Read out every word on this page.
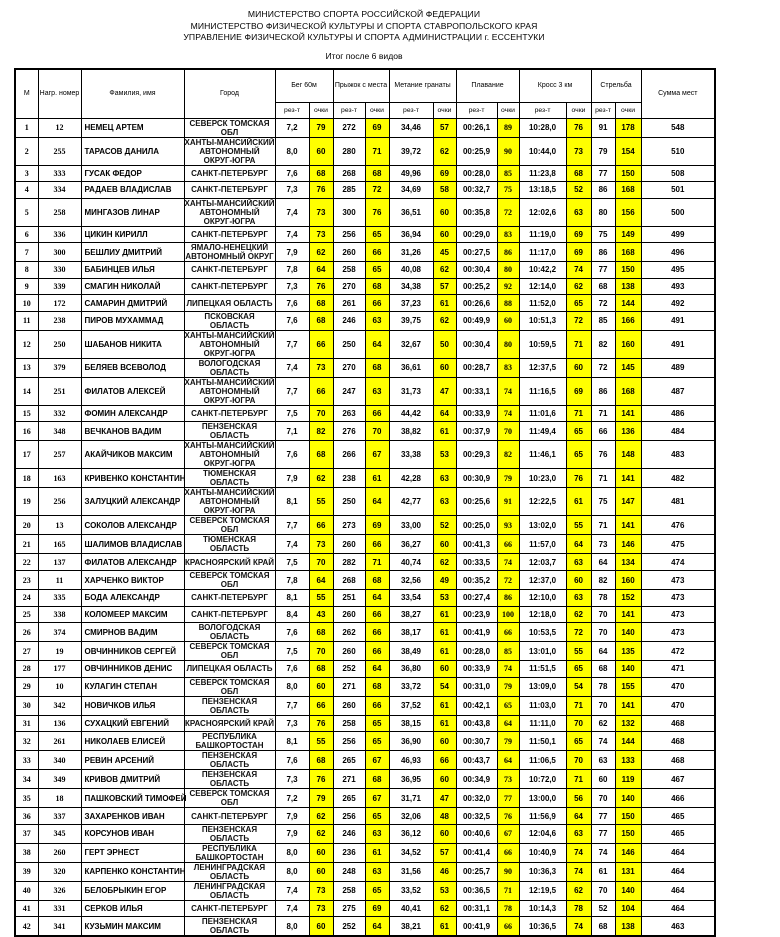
МИНИСТЕРСТВО СПОРТА РОССИЙСКОЙ ФЕДЕРАЦИИ
МИНИСТЕРСТВО ФИЗИЧЕСКОЙ КУЛЬТУРЫ И СПОРТА СТАВРОПОЛЬСКОГО КРАЯ
УПРАВЛЕНИЕ ФИЗИЧЕСКОЙ КУЛЬТУРЫ И СПОРТА АДМИНИСТРАЦИИ г. ЕССЕНТУКИ
Итог после 6 видов
М	Нагр. номер	Фамилия, имя	Город	Бег 60м		Прыжок с места		Метание гранаты		Плавание		Кросс 3 км		Стрельба		Сумма мест
				рез-т	очки	рез-т	очки	рез-т	очки	рез-т	очки	рез-т	очки	рез-т	очки	
1	12	НЕМЕЦ АРТЕМ	СЕВЕРСК ТОМСКАЯ ОБЛ	7,2	79	272	69	34,46	57	00:26,1	89	10:28,0	76	91	178	548
2	255	ТАРАСОВ ДАНИЛА	ХАНТЫ-МАНСИЙСКИЙ АВТОНОМНЫЙ ОКРУГ-ЮГРА	8,0	60	280	71	39,72	62	00:25,9	90	10:44,0	73	79	154	510
3	333	ГУСАК ФЕДОР	САНКТ-ПЕТЕРБУРГ	7,6	68	268	68	49,96	69	00:28,0	85	11:23,8	68	77	150	508
4	334	РАДАЕВ ВЛАДИСЛАВ	САНКТ-ПЕТЕРБУРГ	7,3	76	285	72	34,69	58	00:32,7	75	13:18,5	52	86	168	501
5	258	МИНГАЗОВ ЛИНАР	ХАНТЫ-МАНСИЙСКИЙ АВТОНОМНЫЙ ОКРУГ-ЮГРА	7,4	73	300	76	36,51	60	00:35,8	72	12:02,6	63	80	156	500
6	336	ЦИКИН КИРИЛЛ	САНКТ-ПЕТЕРБУРГ	7,4	73	256	65	36,94	60	00:29,0	83	11:19,0	69	75	149	499
7	300	БЕШЛИУ ДМИТРИЙ	ЯМАЛО-НЕНЕЦКИЙ АВТОНОМНЫЙ ОКРУГ	7,9	62	260	66	31,26	45	00:27,5	86	11:17,0	69	86	168	496
8	330	БАБИНЦЕВ ИЛЬЯ	САНКТ-ПЕТЕРБУРГ	7,8	64	258	65	40,08	62	00:30,4	80	10:42,2	74	77	150	495
9	339	СМАГИН НИКОЛАЙ	САНКТ-ПЕТЕРБУРГ	7,3	76	270	68	34,38	57	00:25,2	92	12:14,0	62	68	138	493
10	172	САМАРИН ДМИТРИЙ	ЛИПЕЦКАЯ ОБЛАСТЬ	7,6	68	261	66	37,23	61	00:26,6	88	11:52,0	65	72	144	492
11	238	ПИРОВ МУХАММАД	ПСКОВСКАЯ ОБЛАСТЬ	7,6	68	246	63	39,75	62	00:49,9	60	10:51,3	72	85	166	491
12	250	ШАБАНОВ НИКИТА	ХАНТЫ-МАНСИЙСКИЙ АВТОНОМНЫЙ ОКРУГ-ЮГРА	7,7	66	250	64	32,67	50	00:30,4	80	10:59,5	71	82	160	491
13	379	БЕЛЯЕВ ВСЕВОЛОД	ВОЛОГОДСКАЯ ОБЛАСТЬ	7,4	73	270	68	36,61	60	00:28,7	83	12:37,5	60	72	145	489
14	251	ФИЛАТОВ АЛЕКСЕЙ	ХАНТЫ-МАНСИЙСКИЙ АВТОНОМНЫЙ ОКРУГ-ЮГРА	7,7	66	247	63	31,73	47	00:33,1	74	11:16,5	69	86	168	487
15	332	ФОМИН АЛЕКСАНДР	САНКТ-ПЕТЕРБУРГ	7,5	70	263	66	44,42	64	00:33,9	74	11:01,6	71	71	141	486
16	348	ВЕЧКАНОВ ВАДИМ	ПЕНЗЕНСКАЯ ОБЛАСТЬ	7,1	82	276	70	38,82	61	00:37,9	70	11:49,4	65	66	136	484
17	257	АКАЙЧИКОВ МАКСИМ	ХАНТЫ-МАНСИЙСКИЙ АВТОНОМНЫЙ ОКРУГ-ЮГРА	7,6	68	266	67	33,38	53	00:29,3	82	11:46,1	65	76	148	483
18	163	КРИВЕНКО КОНСТАНТИН	ТЮМЕНСКАЯ ОБЛАСТЬ	7,9	62	238	61	42,28	63	00:30,9	79	10:23,0	76	71	141	482
19	256	ЗАЛУЦКИЙ АЛЕКСАНДР	ХАНТЫ-МАНСИЙСКИЙ АВТОНОМНЫЙ ОКРУГ-ЮГРА	8,1	55	250	64	42,77	63	00:25,6	91	12:22,5	61	75	147	481
20	13	СОКОЛОВ АЛЕКСАНДР	СЕВЕРСК ТОМСКАЯ ОБЛ	7,7	66	273	69	33,00	52	00:25,0	93	13:02,0	55	71	141	476
21	165	ШАЛИМОВ ВЛАДИСЛАВ	ТЮМЕНСКАЯ ОБЛАСТЬ	7,4	73	260	66	36,27	60	00:41,3	66	11:57,0	64	73	146	475
22	137	ФИЛАТОВ АЛЕКСАНДР	КРАСНОЯРСКИЙ КРАЙ	7,5	70	282	71	40,74	62	00:33,5	74	12:03,7	63	64	134	474
23	11	ХАРЧЕНКО ВИКТОР	СЕВЕРСК ТОМСКАЯ ОБЛ	7,8	64	268	68	32,56	49	00:35,2	72	12:37,0	60	82	160	473
24	335	БОДА АЛЕКСАНДР	САНКТ-ПЕТЕРБУРГ	8,1	55	251	64	33,54	53	00:27,4	86	12:10,0	63	78	152	473
25	338	КОЛОМЕЕР МАКСИМ	САНКТ-ПЕТЕРБУРГ	8,4	43	260	66	38,27	61	00:23,9	100	12:18,0	62	70	141	473
26	374	СМИРНОВ ВАДИМ	ВОЛОГОДСКАЯ ОБЛАСТЬ	7,6	68	262	66	38,17	61	00:41,9	66	10:53,5	72	70	140	473
27	19	ОВЧИННИКОВ СЕРГЕЙ	СЕВЕРСК ТОМСКАЯ ОБЛ	7,5	70	260	66	38,49	61	00:28,0	85	13:01,0	55	64	135	472
28	177	ОВЧИННИКОВ ДЕНИС	ЛИПЕЦКАЯ ОБЛАСТЬ	7,6	68	252	64	36,80	60	00:33,9	74	11:51,5	65	68	140	471
29	10	КУЛАГИН СТЕПАН	СЕВЕРСК ТОМСКАЯ ОБЛ	8,0	60	271	68	33,72	54	00:31,0	79	13:09,0	54	78	155	470
30	342	НОВИЧКОВ ИЛЬЯ	ПЕНЗЕНСКАЯ ОБЛАСТЬ	7,7	66	260	66	37,52	61	00:42,1	65	11:03,0	71	70	141	470
31	136	СУХАЦКИЙ ЕВГЕНИЙ	КРАСНОЯРСКИЙ КРАЙ	7,3	76	258	65	38,15	61	00:43,8	64	11:11,0	70	62	132	468
32	261	НИКОЛАЕВ ЕЛИСЕЙ	РЕСПУБЛИКА БАШКОРТОСТАН	8,1	55	256	65	36,90	60	00:30,7	79	11:50,1	65	74	144	468
33	340	РЕВИН АРСЕНИЙ	ПЕНЗЕНСКАЯ ОБЛАСТЬ	7,6	68	265	67	46,93	66	00:43,7	64	11:06,5	70	63	133	468
34	349	КРИВОВ ДМИТРИЙ	ПЕНЗЕНСКАЯ ОБЛАСТЬ	7,3	76	271	68	36,95	60	00:34,9	73	10:72,0	71	60	119	467
35	18	ПАШКОВСКИЙ ТИМОФЕЙ	СЕВЕРСК ТОМСКАЯ ОБЛ	7,2	79	265	67	31,71	47	00:32,0	77	13:00,0	56	70	140	466
36	337	ЗАХАРЕНКОВ ИВАН	САНКТ-ПЕТЕРБУРГ	7,9	62	256	65	32,06	48	00:32,5	76	11:56,9	64	77	150	465
37	345	КОРСУНОВ ИВАН	ПЕНЗЕНСКАЯ ОБЛАСТЬ	7,9	62	246	63	36,12	60	00:40,6	67	12:04,6	63	77	150	465
38	260	ГЕРТ ЭРНЕСТ	РЕСПУБЛИКА БАШКОРТОСТАН	8,0	60	236	61	34,52	57	00:41,4	66	10:40,9	74	74	146	464
39	320	КАРПЕНКО КОНСТАНТИН	ЛЕНИНГРАДСКАЯ ОБЛАСТЬ	8,0	60	248	63	31,56	46	00:25,7	90	10:36,3	74	61	131	464
40	326	БЕЛОБРЫКИН ЕГОР	ЛЕНИНГРАДСКАЯ ОБЛАСТЬ	7,4	73	258	65	33,52	53	00:36,5	71	12:19,5	62	70	140	464
41	331	СЕРКОВ ИЛЬЯ	САНКТ-ПЕТЕРБУРГ	7,4	73	275	69	40,41	62	00:31,1	78	10:14,3	78	52	104	464
42	341	КУЗЬМИН МАКСИМ	ПЕНЗЕНСКАЯ ОБЛАСТЬ	8,0	60	252	64	38,21	61	00:41,9	66	10:36,5	74	68	138	463
